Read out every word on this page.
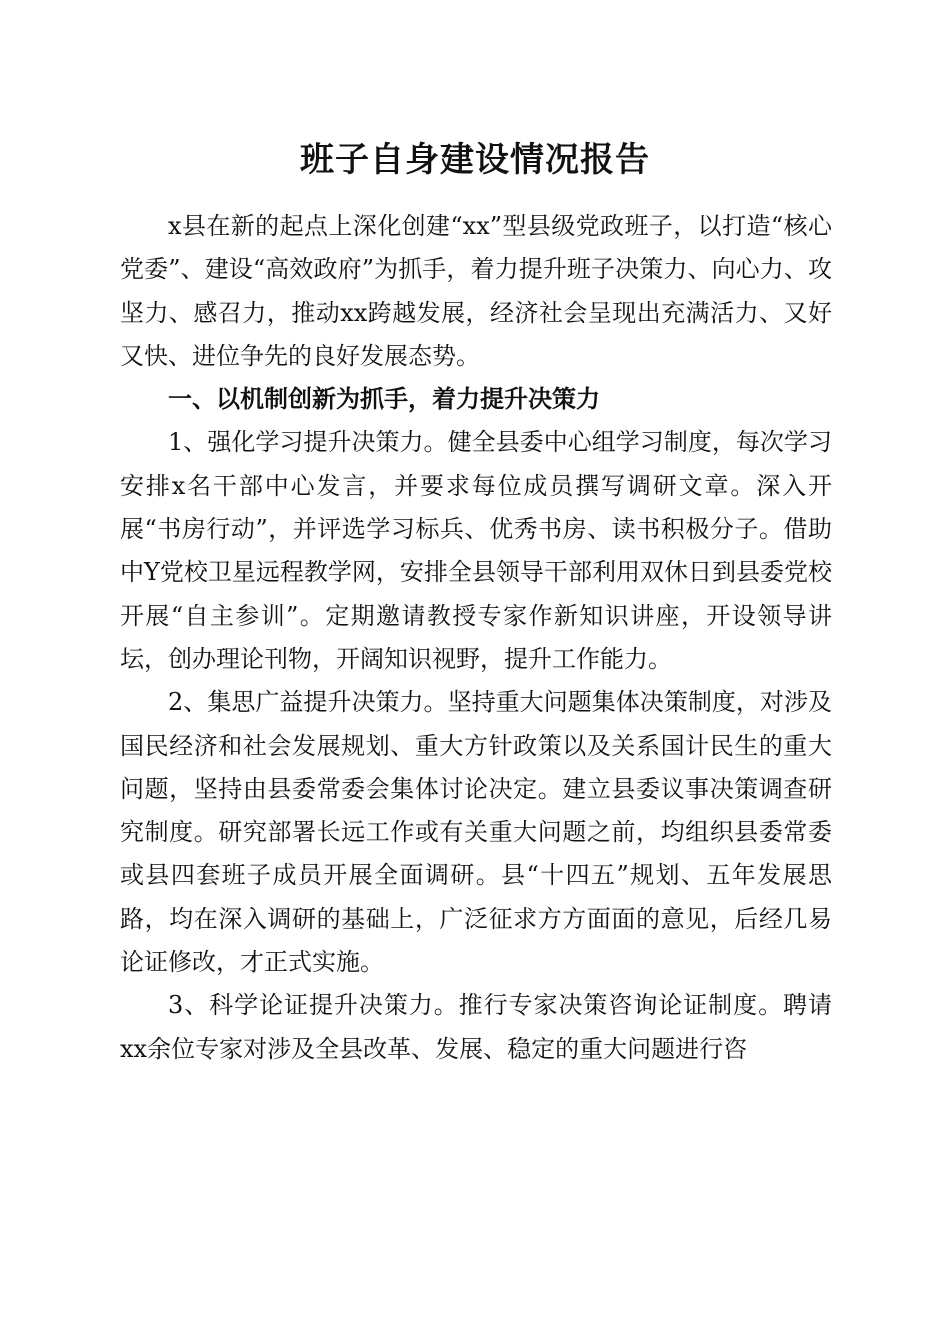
班子自身建设情况报告

x县在新的起点上深化创建“xx”型县级党政班子，以打造“核心党委”、建设“高效政府”为抓手，着力提升班子决策力、向心力、攻坚力、感召力，推动xx跨越发展，经济社会呈现出充满活力、又好又快、进位争先的良好发展态势。

一、以机制创新为抓手，着力提升决策力

1、强化学习提升决策力。健全县委中心组学习制度，每次学习安排x名干部中心发言，并要求每位成员撰写调研文章。深入开展“书房行动”，并评选学习标兵、优秀书房、读书积极分子。借助中Y党校卫星远程教学网，安排全县领导干部利用双休日到县委党校开展“自主参训”。定期邀请教授专家作新知识讲座，开设领导讲坛，创办理论刊物，开阔知识视野，提升工作能力。

2、集思广益提升决策力。坚持重大问题集体决策制度，对涉及国民经济和社会发展规划、重大方针政策以及关系国计民生的重大问题，坚持由县委常委会集体讨论决定。建立县委议事决策调查研究制度。研究部署长远工作或有关重大问题之前，均组织县委常委或县四套班子成员开展全面调研。县“十四五”规划、五年发展思路，均在深入调研的基础上，广泛征求方方面面的意见，后经几易论证修改，才正式实施。

3、科学论证提升决策力。推行专家决策咨询论证制度。聘请xx余位专家对涉及全县改革、发展、稳定的重大问题进行咨
